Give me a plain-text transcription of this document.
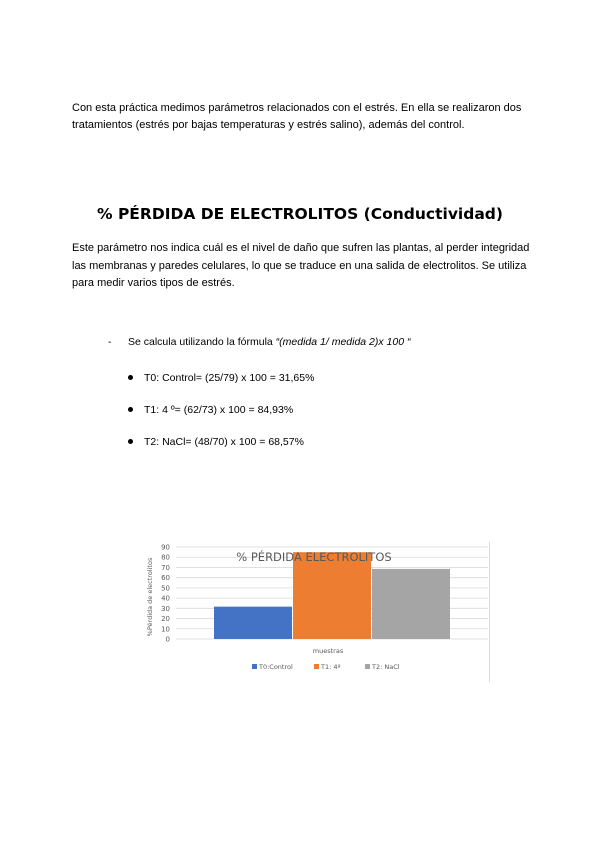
Con esta práctica medimos parámetros relacionados con el estrés. En ella se realizaron dos tratamientos (estrés por bajas temperaturas y estrés salino), además del control.
% PÉRDIDA DE ELECTROLITOS (Conductividad)
Este parámetro nos indica cuál es el nivel de daño que sufren las plantas, al perder integridad las membranas y paredes celulares, lo que se traduce en una salida de electrolitos. Se utiliza para medir varios tipos de estrés.
- Se calcula utilizando la fórmula “(medida 1/ medida 2)x 100 “
T0: Control= (25/79) x 100 = 31,65%
T1: 4 º= (62/73) x 100 = 84,93%
T2: NaCl= (48/70) x 100 = 68,57%
0
10
20
30
40
50
60
70
80
90
% PÉRDIDA ELECTROLITOS
%Pérdida de electrolitos
muestras
T0:Control	T1: 4º	T2: NaCl
